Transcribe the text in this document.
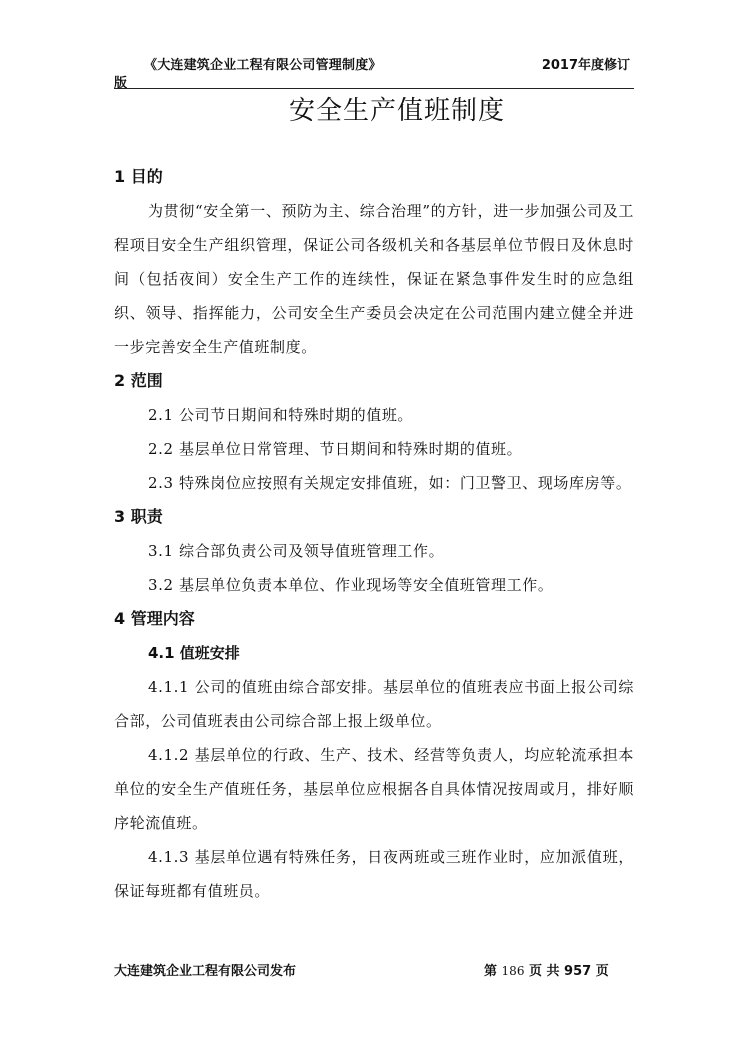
《大连建筑企业工程有限公司管理制度》	2017年度修订
版
安全生产值班制度
1 目的

为贯彻“安全第一、预防为主、综合治理”的方针，进一步加强公司及工程项目安全生产组织管理，保证公司各级机关和各基层单位节假日及休息时间（包括夜间）安全生产工作的连续性，保证在紧急事件发生时的应急组织、领导、指挥能力，公司安全生产委员会决定在公司范围内建立健全并进一步完善安全生产值班制度。

2 范围

2.1 公司节日期间和特殊时期的值班。

2.2 基层单位日常管理、节日期间和特殊时期的值班。

2.3 特殊岗位应按照有关规定安排值班，如：门卫警卫、现场库房等。

3 职责

3.1 综合部负责公司及领导值班管理工作。

3.2 基层单位负责本单位、作业现场等安全值班管理工作。

4 管理内容
4.1 值班安排

4.1.1 公司的值班由综合部安排。基层单位的值班表应书面上报公司综合部，公司值班表由公司综合部上报上级单位。

4.1.2 基层单位的行政、生产、技术、经营等负责人，均应轮流承担本单位的安全生产值班任务，基层单位应根据各自具体情况按周或月，排好顺序轮流值班。

4.1.3 基层单位遇有特殊任务，日夜两班或三班作业时，应加派值班，保证每班都有值班员。

大连建筑企业工程有限公司发布	第 186 页 共 957 页
